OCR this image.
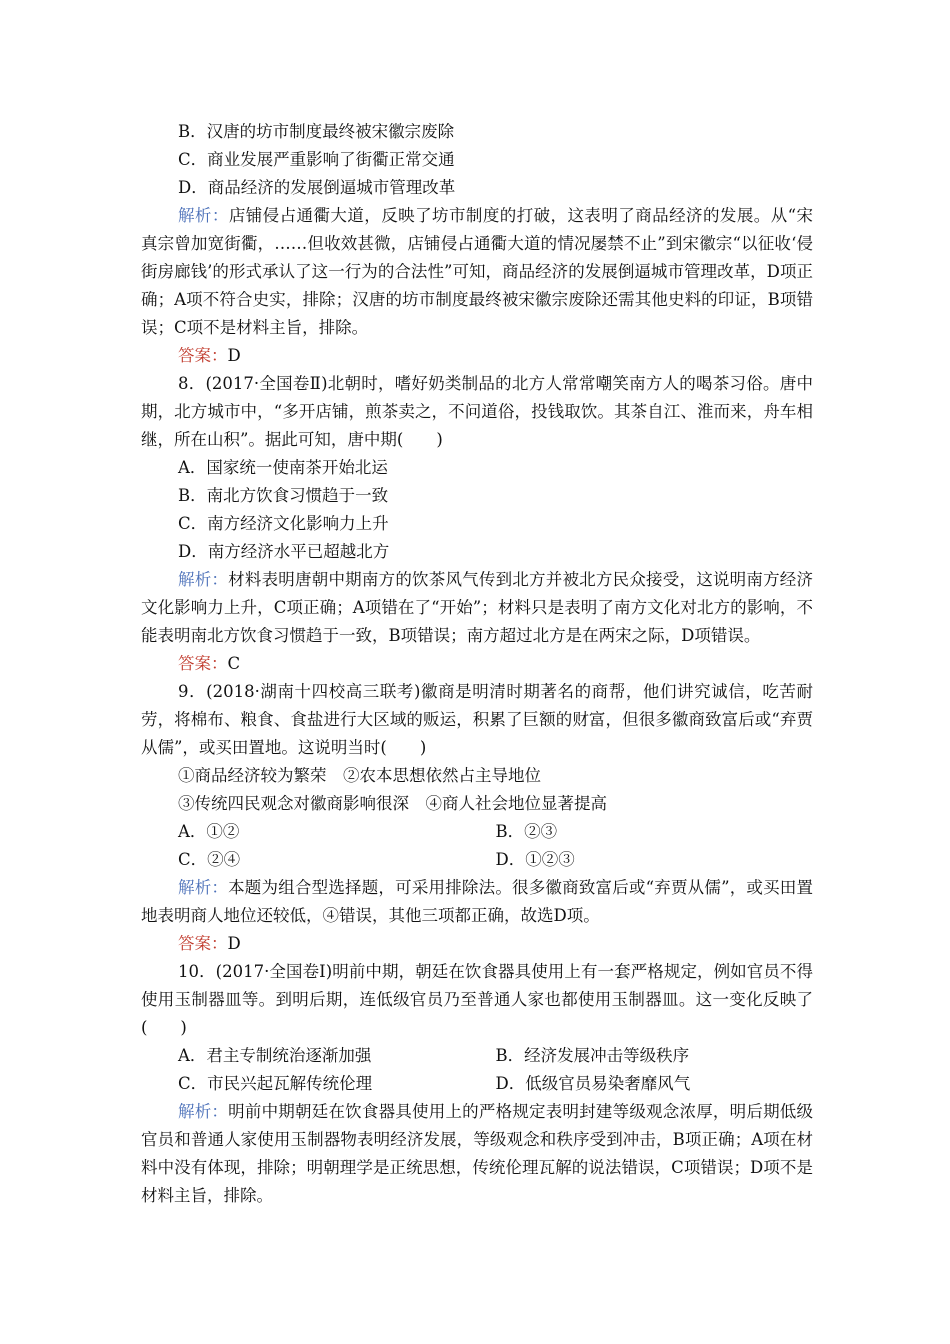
B．汉唐的坊市制度最终被宋徽宗废除
C．商业发展严重影响了街衢正常交通
D．商品经济的发展倒逼城市管理改革
解析：店铺侵占通衢大道，反映了坊市制度的打破，这表明了商品经济的发展。从“宋真宗曾加宽街衢，……但收效甚微，店铺侵占通衢大道的情况屡禁不止”到宋徽宗“以征收‘侵街房廊钱’的形式承认了这一行为的合法性”可知，商品经济的发展倒逼城市管理改革，D项正确；A项不符合史实，排除；汉唐的坊市制度最终被宋徽宗废除还需其他史料的印证，B项错误；C项不是材料主旨，排除。
答案：D
8．(2017·全国卷Ⅱ)北朝时，嗜好奶类制品的北方人常常嘲笑南方人的喝茶习俗。唐中期，北方城市中，“多开店铺，煎茶卖之，不问道俗，投钱取饮。其茶自江、淮而来，舟车相继，所在山积”。据此可知，唐中期(　　)
A．国家统一使南茶开始北运
B．南北方饮食习惯趋于一致
C．南方经济文化影响力上升
D．南方经济水平已超越北方
解析：材料表明唐朝中期南方的饮茶风气传到北方并被北方民众接受，这说明南方经济文化影响力上升，C项正确；A项错在了“开始”；材料只是表明了南方文化对北方的影响，不能表明南北方饮食习惯趋于一致，B项错误；南方超过北方是在两宋之际，D项错误。
答案：C
9．(2018·湖南十四校高三联考)徽商是明清时期著名的商帮，他们讲究诚信，吃苦耐劳，将棉布、粮食、食盐进行大区域的贩运，积累了巨额的财富，但很多徽商致富后或“弃贾从儒”，或买田置地。这说明当时(　　)
①商品经济较为繁荣　②农本思想依然占主导地位
③传统四民观念对徽商影响很深　④商人社会地位显著提高
A．①②	B．②③
C．②④	D．①②③
解析：本题为组合型选择题，可采用排除法。很多徽商致富后或“弃贾从儒”，或买田置地表明商人地位还较低，④错误，其他三项都正确，故选D项。
答案：D
10．(2017·全国卷Ⅰ)明前中期，朝廷在饮食器具使用上有一套严格规定，例如官员不得使用玉制器皿等。到明后期，连低级官员乃至普通人家也都使用玉制器皿。这一变化反映了(　　)
A．君主专制统治逐渐加强	B．经济发展冲击等级秩序
C．市民兴起瓦解传统伦理	D．低级官员易染奢靡风气
解析：明前中期朝廷在饮食器具使用上的严格规定表明封建等级观念浓厚，明后期低级官员和普通人家使用玉制器物表明经济发展，等级观念和秩序受到冲击，B项正确；A项在材料中没有体现，排除；明朝理学是正统思想，传统伦理瓦解的说法错误，C项错误；D项不是材料主旨，排除。
